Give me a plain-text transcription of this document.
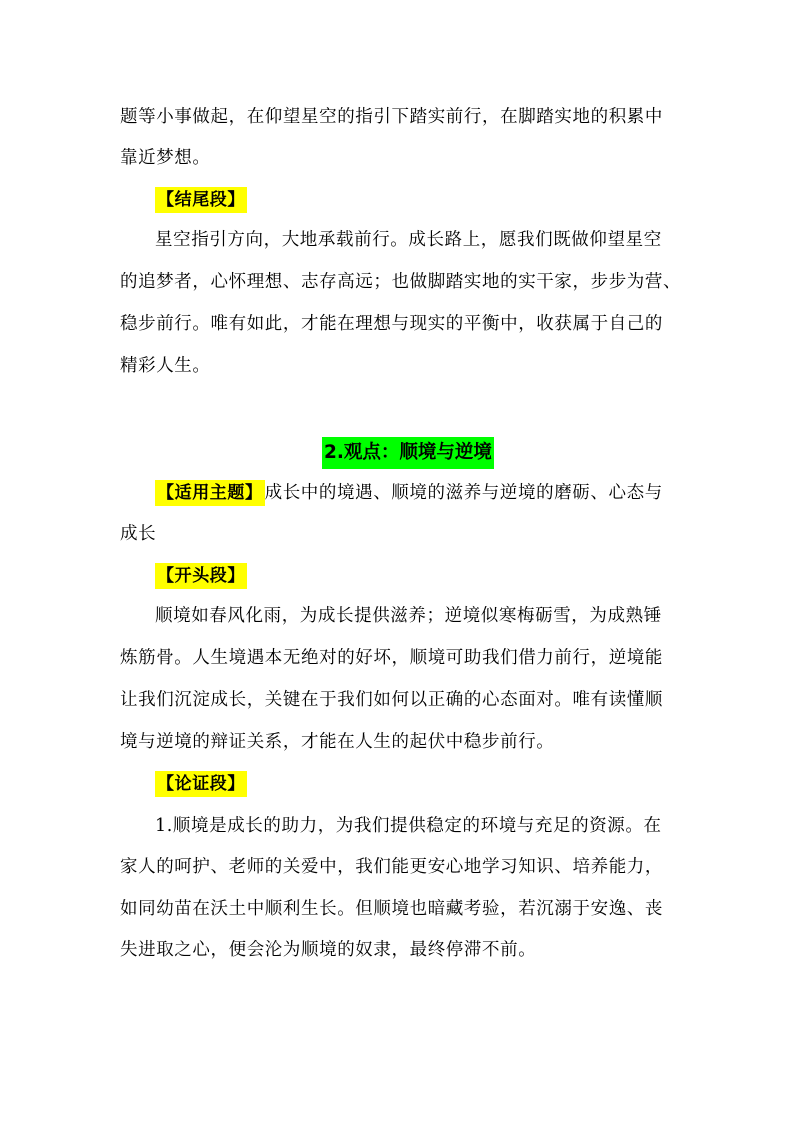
题等小事做起，在仰望星空的指引下踏实前行，在脚踏实地的积累中
靠近梦想。
【结尾段】
星空指引方向，大地承载前行。成长路上，愿我们既做仰望星空
的追梦者，心怀理想、志存高远；也做脚踏实地的实干家，步步为营、
稳步前行。唯有如此，才能在理想与现实的平衡中，收获属于自己的
精彩人生。
2.观点：顺境与逆境
【适用主题】 成长中的境遇、顺境的滋养与逆境的磨砺、心态与
成长
【开头段】
顺境如春风化雨，为成长提供滋养；逆境似寒梅砺雪，为成熟锤
炼筋骨。人生境遇本无绝对的好坏，顺境可助我们借力前行，逆境能
让我们沉淀成长，关键在于我们如何以正确的心态面对。唯有读懂顺
境与逆境的辩证关系，才能在人生的起伏中稳步前行。
【论证段】
1.顺境是成长的助力，为我们提供稳定的环境与充足的资源。在
家人的呵护、老师的关爱中，我们能更安心地学习知识、培养能力，
如同幼苗在沃土中顺利生长。但顺境也暗藏考验，若沉溺于安逸、丧
失进取之心，便会沦为顺境的奴隶，最终停滞不前。
